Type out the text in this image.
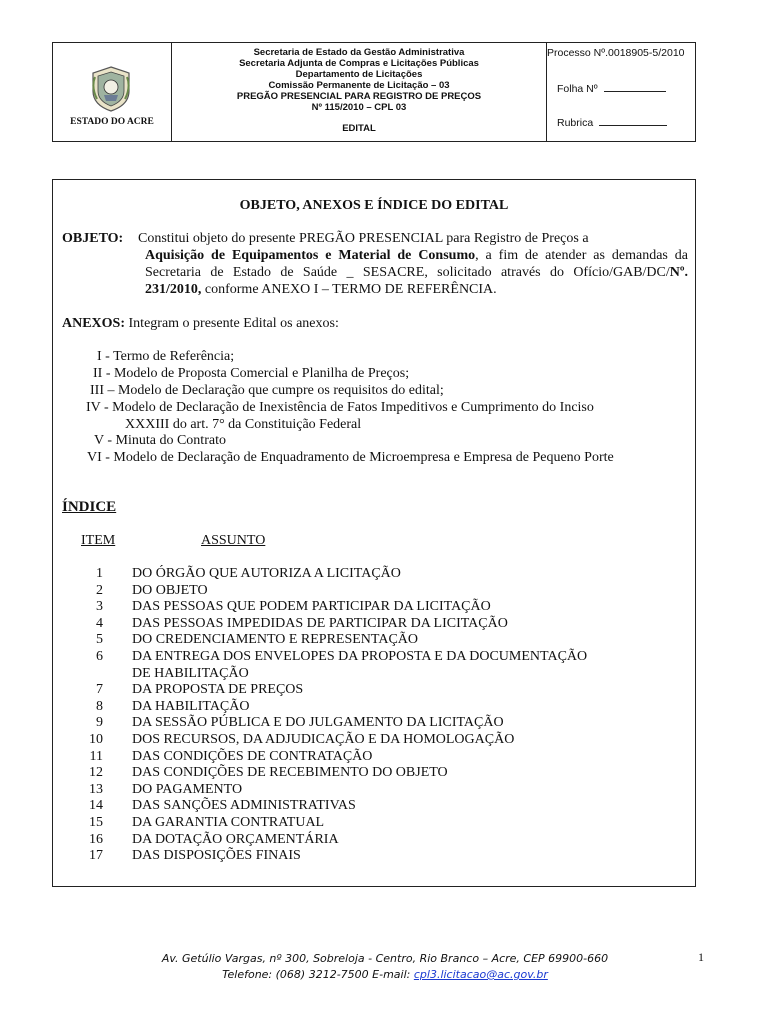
ESTADO DO ACRE
Secretaria de Estado da Gestão Administrativa
Secretaria Adjunta de Compras e Licitações Públicas
Departamento de Licitações
Comissão Permanente de Licitação – 03
PREGÃO PRESENCIAL PARA REGISTRO DE PREÇOS
Nº 115/2010 – CPL 03
EDITAL
Processo Nº.0018905-5/2010
Folha Nº
Rubrica
OBJETO, ANEXOS E ÍNDICE DO EDITAL
OBJETO:	Constitui objeto do presente PREGÃO PRESENCIAL para Registro de Preços a
Aquisição de Equipamentos e Material de Consumo, a fim de atender as demandas da Secretaria de Estado de Saúde _ SESACRE, solicitado através do Ofício/GAB/DC/Nº. 231/2010, conforme ANEXO I – TERMO DE REFERÊNCIA.
ANEXOS: Integram o presente Edital os anexos:
I - Termo de Referência;
II - Modelo de Proposta Comercial e Planilha de Preços;
III – Modelo de Declaração que cumpre os requisitos do edital;
IV - Modelo de Declaração de Inexistência de Fatos Impeditivos e Cumprimento do Inciso
XXXIII do art. 7° da Constituição Federal
V - Minuta do Contrato
VI - Modelo de Declaração de Enquadramento de Microempresa e Empresa de Pequeno Porte
ÍNDICE
ITEM	ASSUNTO
1 DO ÓRGÃO QUE AUTORIZA A LICITAÇÃO
2 DO OBJETO
3 DAS PESSOAS QUE PODEM PARTICIPAR DA LICITAÇÃO
4 DAS PESSOAS IMPEDIDAS DE PARTICIPAR DA LICITAÇÃO
5 DO CREDENCIAMENTO E REPRESENTAÇÃO
6 DA ENTREGA DOS ENVELOPES DA PROPOSTA E DA DOCUMENTAÇÃO
DE HABILITAÇÃO
7 DA PROPOSTA DE PREÇOS
8 DA HABILITAÇÃO
9 DA SESSÃO PÚBLICA E DO JULGAMENTO DA LICITAÇÃO
10 DOS RECURSOS, DA ADJUDICAÇÃO E DA HOMOLOGAÇÃO
11 DAS CONDIÇÕES DE CONTRATAÇÃO
12 DAS CONDIÇÕES DE RECEBIMENTO DO OBJETO
13 DO PAGAMENTO
14 DAS SANÇÕES ADMINISTRATIVAS
15 DA GARANTIA CONTRATUAL
16 DA DOTAÇÃO ORÇAMENTÁRIA
17 DAS DISPOSIÇÕES FINAIS
Av. Getúlio Vargas, nº 300, Sobreloja - Centro, Rio Branco – Acre, CEP 69900-660
Telefone: (068) 3212-7500 E-mail: cpl3.licitacao@ac.gov.br
1
